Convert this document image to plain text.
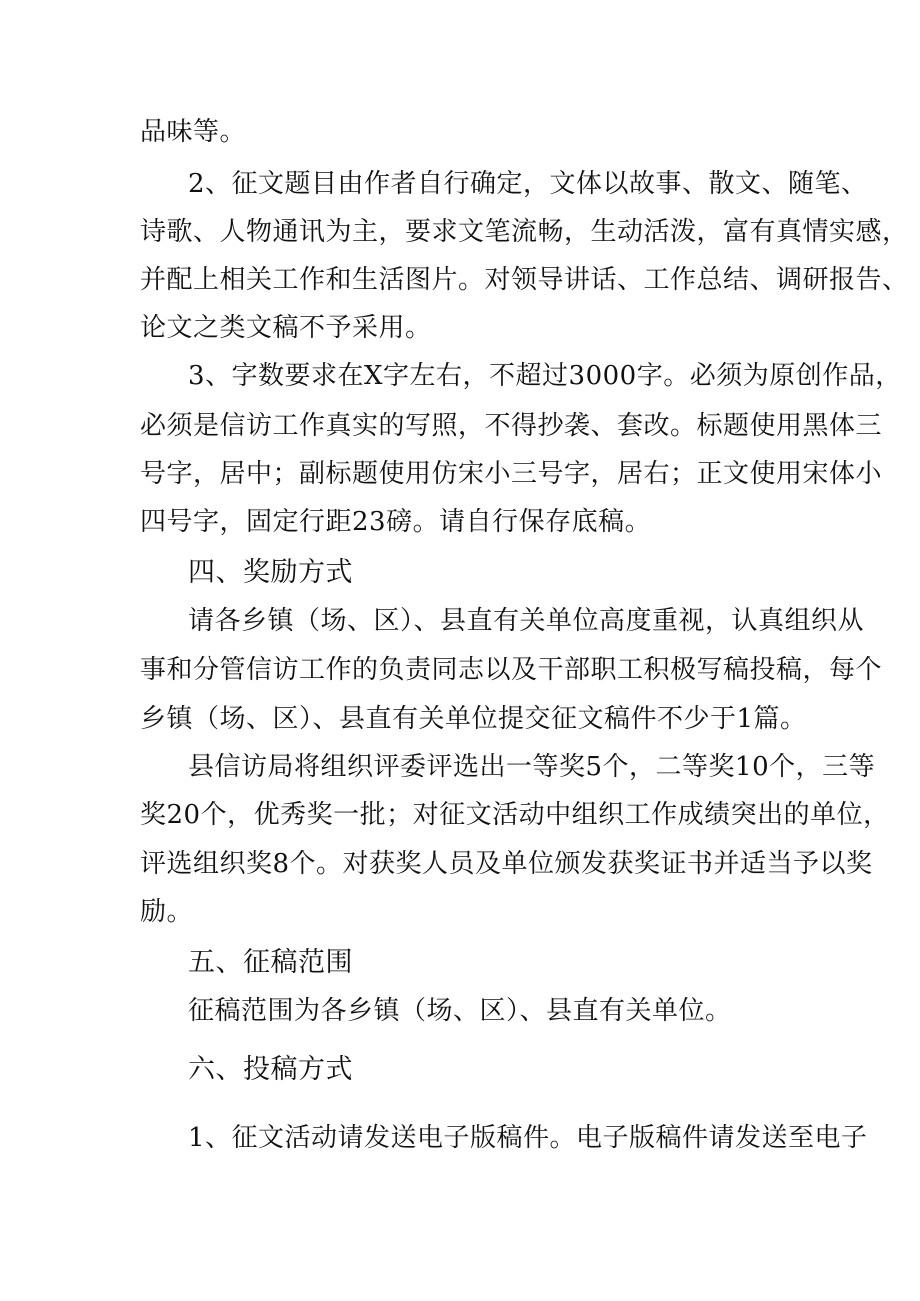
品味等。
2、征文题目由作者自行确定，文体以故事、散文、随笔、
诗歌、人物通讯为主，要求文笔流畅，生动活泼，富有真情实感，
并配上相关工作和生活图片。对领导讲话、工作总结、调研报告、
论文之类文稿不予采用。
3、字数要求在X字左右，不超过3000字。必须为原创作品，
必须是信访工作真实的写照，不得抄袭、套改。标题使用黑体三
号字，居中；副标题使用仿宋小三号字，居右；正文使用宋体小
四号字，固定行距23磅。请自行保存底稿。
四、奖励方式
请各乡镇（场、区）、县直有关单位高度重视，认真组织从
事和分管信访工作的负责同志以及干部职工积极写稿投稿，每个
乡镇（场、区）、县直有关单位提交征文稿件不少于1篇。
县信访局将组织评委评选出一等奖5个，二等奖10个，三等
奖20个，优秀奖一批；对征文活动中组织工作成绩突出的单位，
评选组织奖8个。对获奖人员及单位颁发获奖证书并适当予以奖
励。
五、征稿范围
征稿范围为各乡镇（场、区）、县直有关单位。
六、投稿方式
1、征文活动请发送电子版稿件。电子版稿件请发送至电子
